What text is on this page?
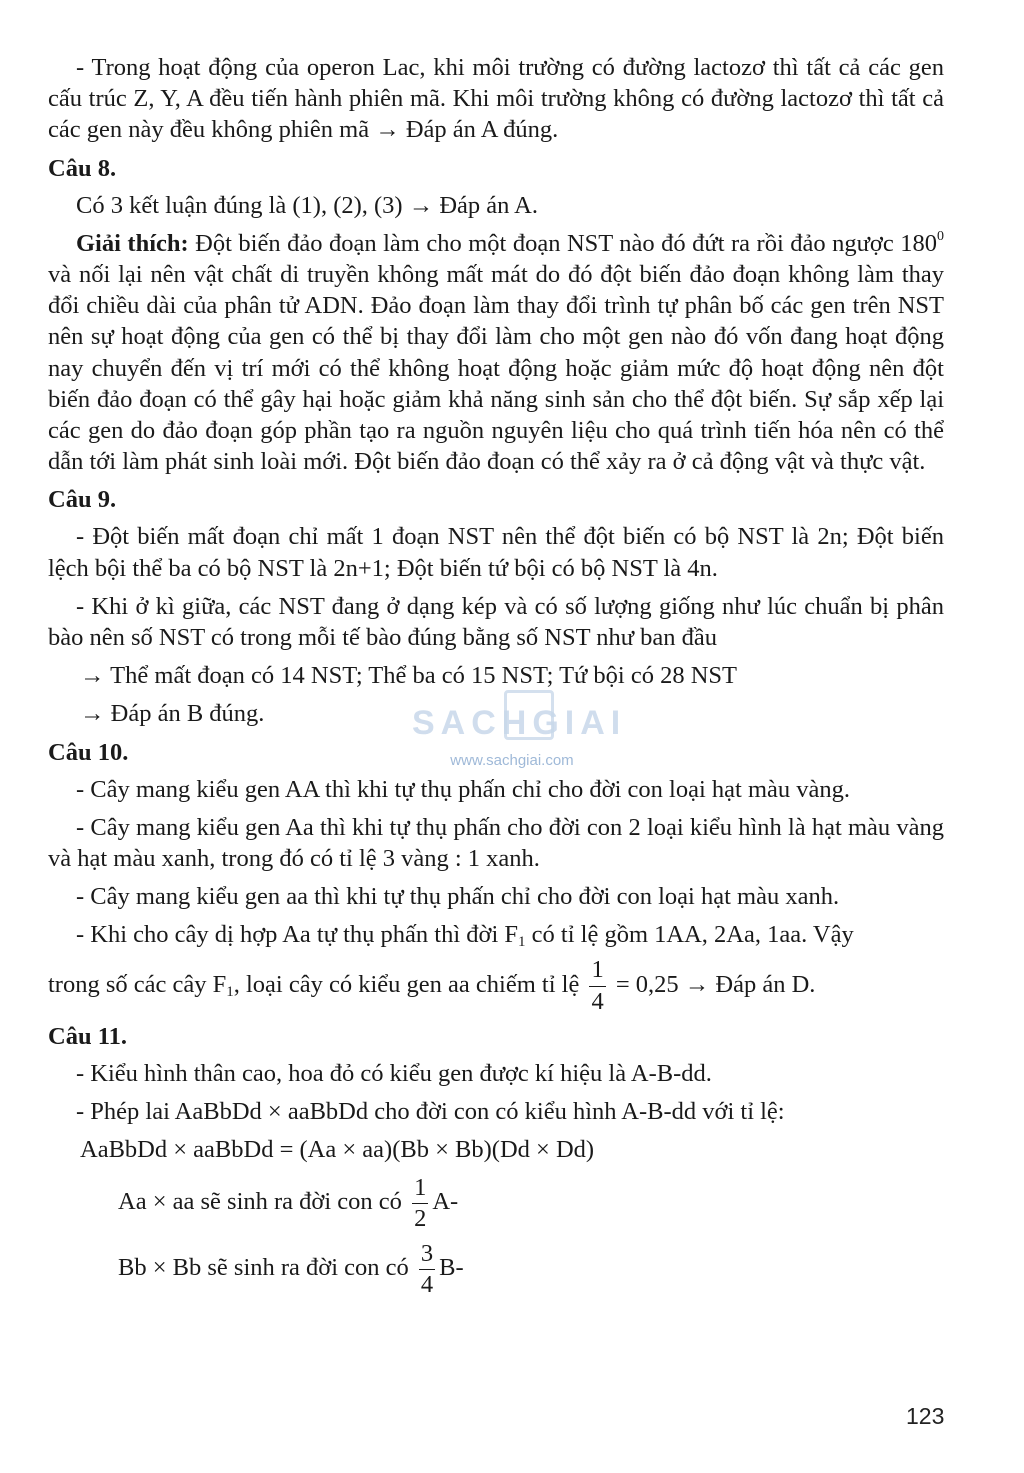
- Trong hoạt động của operon Lac, khi môi trường có đường lactozơ thì tất cả các gen cấu trúc Z, Y, A đều tiến hành phiên mã. Khi môi trường không có đường lactozơ thì tất cả các gen này đều không phiên mã → Đáp án A đúng.

Câu 8.

Có 3 kết luận đúng là (1), (2), (3) → Đáp án A.

Giải thích: Đột biến đảo đoạn làm cho một đoạn NST nào đó đứt ra rồi đảo ngược $180^0$ và nối lại nên vật chất di truyền không mất mát do đó đột biến đảo đoạn không làm thay đổi chiều dài của phân tử ADN. Đảo đoạn làm thay đổi trình tự phân bố các gen trên NST nên sự hoạt động của gen có thể bị thay đổi làm cho một gen nào đó vốn đang hoạt động nay chuyển đến vị trí mới có thể không hoạt động hoặc giảm mức độ hoạt động nên đột biến đảo đoạn có thể gây hại hoặc giảm khả năng sinh sản cho thể đột biến. Sự sắp xếp lại các gen do đảo đoạn góp phần tạo ra nguồn nguyên liệu cho quá trình tiến hóa nên có thể dẫn tới làm phát sinh loài mới. Đột biến đảo đoạn có thể xảy ra ở cả động vật và thực vật.

Câu 9.

- Đột biến mất đoạn chỉ mất 1 đoạn NST nên thể đột biến có bộ NST là 2n; Đột biến lệch bội thể ba có bộ NST là 2n+1; Đột biến tứ bội có bộ NST là 4n.

- Khi ở kì giữa, các NST đang ở dạng kép và có số lượng giống như lúc chuẩn bị phân bào nên số NST có trong mỗi tế bào đúng bằng số NST như ban đầu

→ Thể mất đoạn có 14 NST; Thể ba có 15 NST; Tứ bội có 28 NST

→ Đáp án B đúng.

Câu 10.

- Cây mang kiểu gen AA thì khi tự thụ phấn chỉ cho đời con loại hạt màu vàng.

- Cây mang kiểu gen Aa thì khi tự thụ phấn cho đời con 2 loại kiểu hình là hạt màu vàng và hạt màu xanh, trong đó có tỉ lệ 3 vàng : 1 xanh.

- Cây mang kiểu gen aa thì khi tự thụ phấn chỉ cho đời con loại hạt màu xanh.

- Khi cho cây dị hợp Aa tự thụ phấn thì đời $F_1$ có tỉ lệ gồm 1AA, 2Aa, 1aa. Vậy

trong số các cây $F_1$, loại cây có kiểu gen aa chiếm tỉ lệ $\frac{1}{4} = 0,25$ → Đáp án D.

Câu 11.

- Kiểu hình thân cao, hoa đỏ có kiểu gen được kí hiệu là A-B-dd.

- Phép lai AaBbDd × aaBbDd cho đời con có kiểu hình A-B-dd với tỉ lệ:

AaBbDd × aaBbDd = (Aa × aa)(Bb × Bb)(Dd × Dd)

Aa × aa sẽ sinh ra đời con có $\frac{1}{2} A-$

Bb × Bb sẽ sinh ra đời con có $\frac{3}{4} B-$

SACHGIAI
www.sachgiai.com
123
